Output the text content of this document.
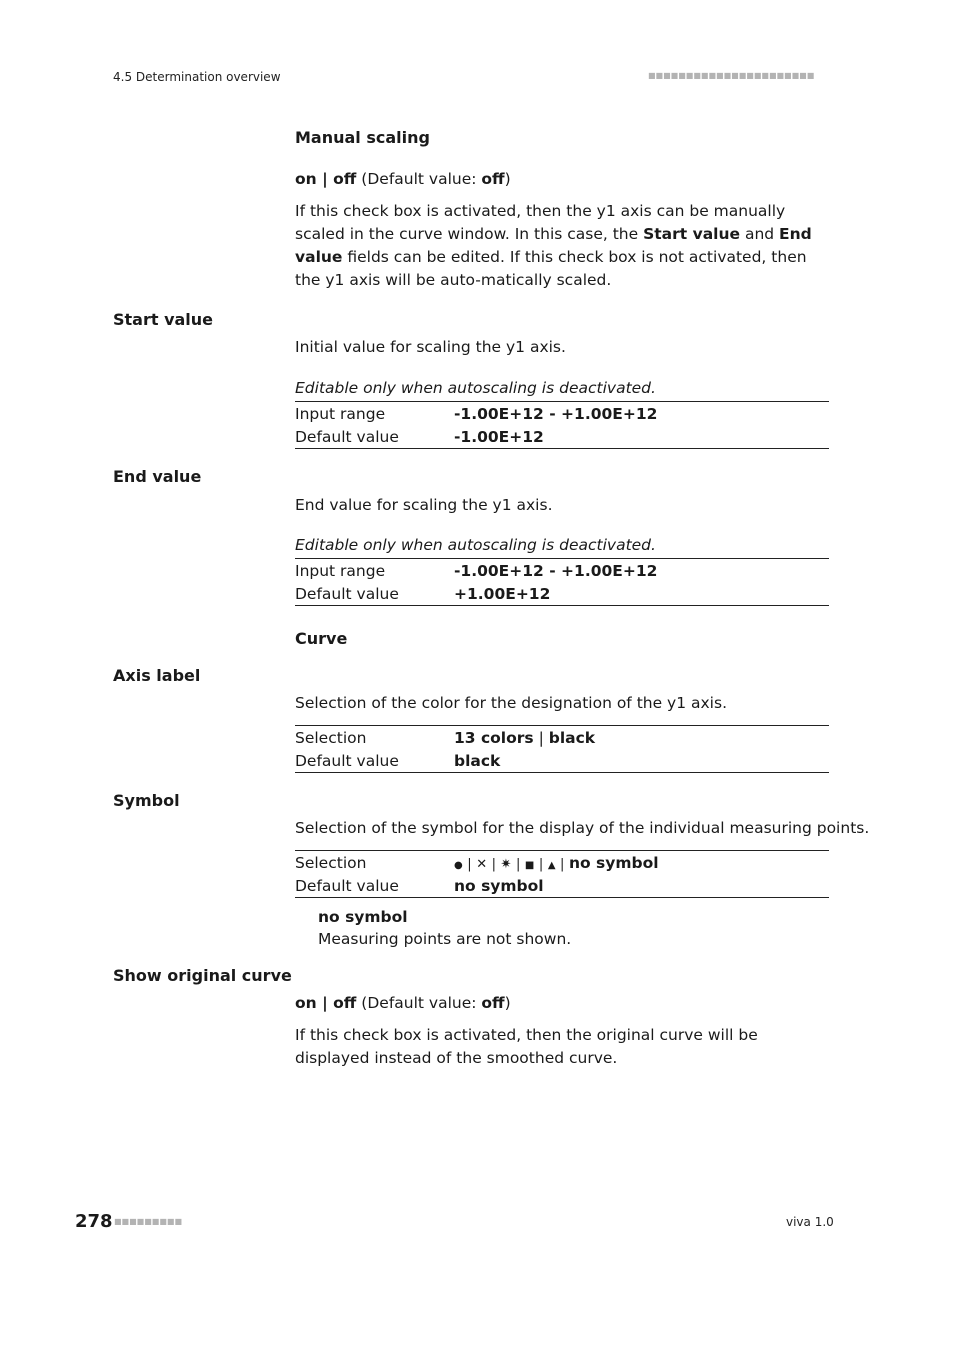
4.5 Determination overview	■■■■■■■■■■■■■■■■■■■■■■
Manual scaling
on | off (Default value: off)
If this check box is activated, then the y1 axis can be manually scaled in the curve window. In this case, the Start value and End value fields can be edited. If this check box is not activated, then the y1 axis will be auto-matically scaled.
Start value
Initial value for scaling the y1 axis.
Editable only when autoscaling is deactivated.
Input range	-1.00E+12 - +1.00E+12
Default value	-1.00E+12
End value
End value for scaling the y1 axis.
Editable only when autoscaling is deactivated.
Input range	-1.00E+12 - +1.00E+12
Default value	+1.00E+12
Curve
Axis label
Selection of the color for the designation of the y1 axis.
Selection	13 colors | black
Default value	black
Symbol
Selection of the symbol for the display of the individual measuring points.
Selection	● | ✕ | ✷ | ■ | ▲ | no symbol
Default value	no symbol
no symbol
Measuring points are not shown.
Show original curve
on | off (Default value: off)
If this check box is activated, then the original curve will be displayed instead of the smoothed curve.
278 ■■■■■■■■■	viva 1.0
